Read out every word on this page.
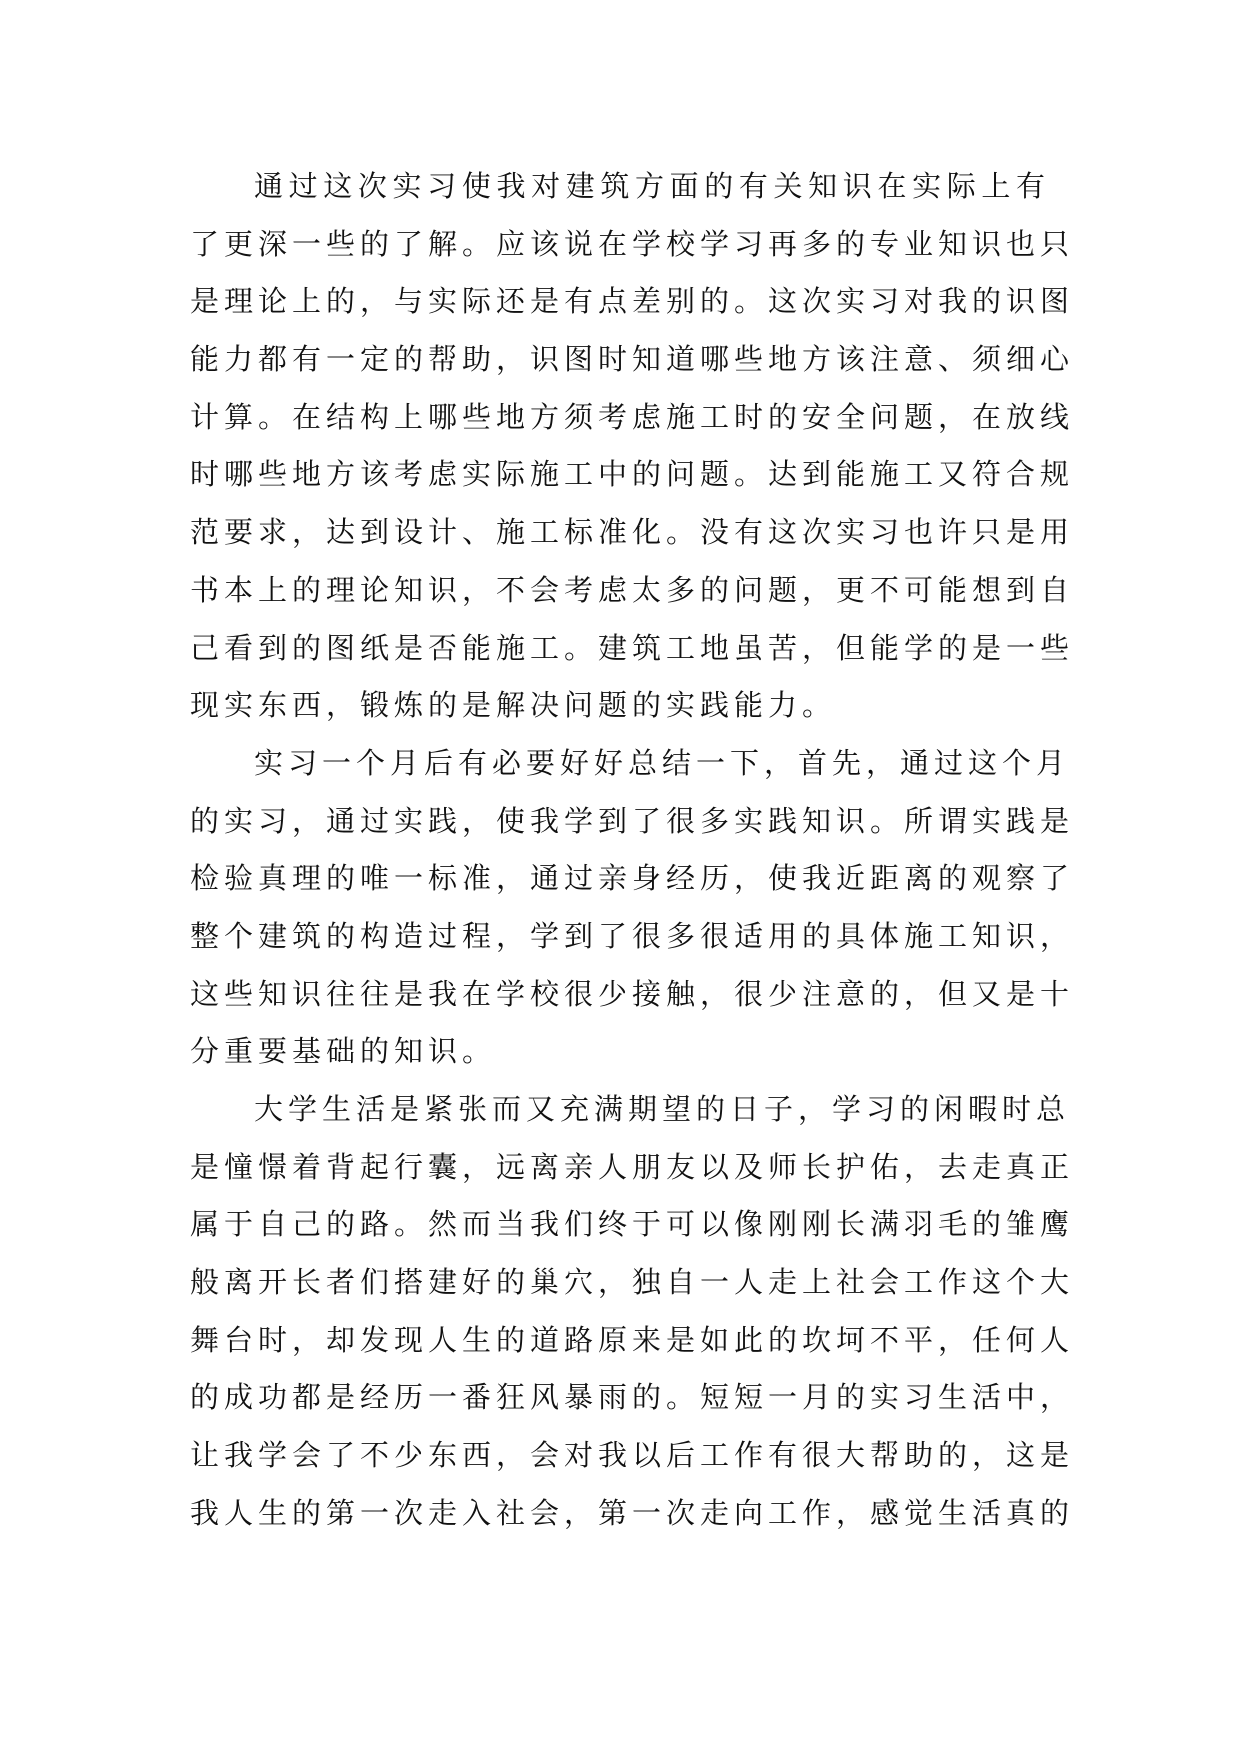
通过这次实习使我对建筑方面的有关知识在实际上有
了更深一些的了解。应该说在学校学习再多的专业知识也只
是理论上的，与实际还是有点差别的。这次实习对我的识图
能力都有一定的帮助，识图时知道哪些地方该注意、须细心
计算。在结构上哪些地方须考虑施工时的安全问题，在放线
时哪些地方该考虑实际施工中的问题。达到能施工又符合规
范要求，达到设计、施工标准化。没有这次实习也许只是用
书本上的理论知识，不会考虑太多的问题，更不可能想到自
己看到的图纸是否能施工。建筑工地虽苦，但能学的是一些
现实东西，锻炼的是解决问题的实践能力。
实习一个月后有必要好好总结一下，首先，通过这个月
的实习，通过实践，使我学到了很多实践知识。所谓实践是
检验真理的唯一标准，通过亲身经历，使我近距离的观察了
整个建筑的构造过程，学到了很多很适用的具体施工知识，
这些知识往往是我在学校很少接触，很少注意的，但又是十
分重要基础的知识。
大学生活是紧张而又充满期望的日子，学习的闲暇时总
是憧憬着背起行囊，远离亲人朋友以及师长护佑，去走真正
属于自己的路。然而当我们终于可以像刚刚长满羽毛的雏鹰
般离开长者们搭建好的巢穴，独自一人走上社会工作这个大
舞台时，却发现人生的道路原来是如此的坎坷不平，任何人
的成功都是经历一番狂风暴雨的。短短一月的实习生活中，
让我学会了不少东西，会对我以后工作有很大帮助的，这是
我人生的第一次走入社会，第一次走向工作，感觉生活真的
